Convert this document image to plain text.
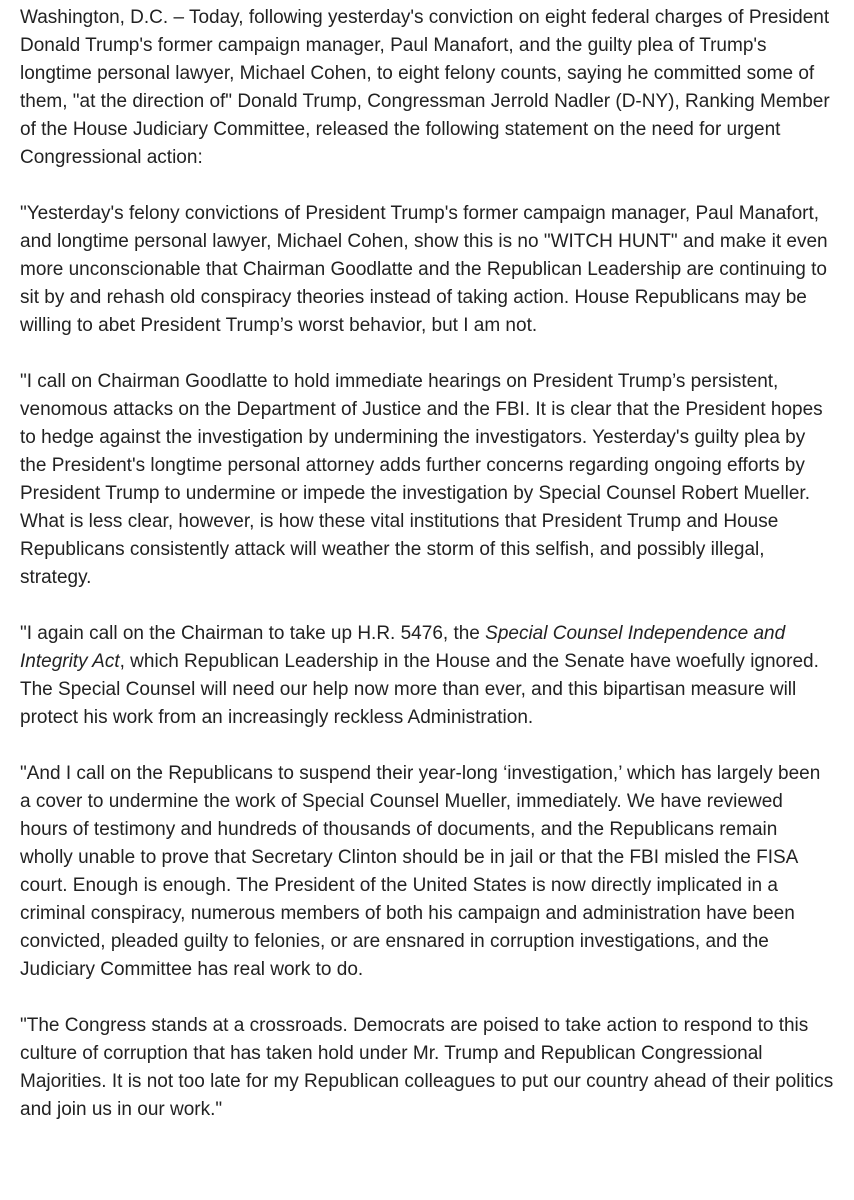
Washington, D.C. – Today, following yesterday's conviction on eight federal charges of President Donald Trump's former campaign manager, Paul Manafort, and the guilty plea of Trump's longtime personal lawyer, Michael Cohen, to eight felony counts, saying he committed some of them, "at the direction of" Donald Trump, Congressman Jerrold Nadler (D-NY), Ranking Member of the House Judiciary Committee, released the following statement on the need for urgent Congressional action:

"Yesterday's felony convictions of President Trump's former campaign manager, Paul Manafort, and longtime personal lawyer, Michael Cohen, show this is no "WITCH HUNT" and make it even more unconscionable that Chairman Goodlatte and the Republican Leadership are continuing to sit by and rehash old conspiracy theories instead of taking action. House Republicans may be willing to abet President Trump’s worst behavior, but I am not.

"I call on Chairman Goodlatte to hold immediate hearings on President Trump’s persistent, venomous attacks on the Department of Justice and the FBI. It is clear that the President hopes to hedge against the investigation by undermining the investigators. Yesterday's guilty plea by the President's longtime personal attorney adds further concerns regarding ongoing efforts by President Trump to undermine or impede the investigation by Special Counsel Robert Mueller. What is less clear, however, is how these vital institutions that President Trump and House Republicans consistently attack will weather the storm of this selfish, and possibly illegal, strategy.

"I again call on the Chairman to take up H.R. 5476, the Special Counsel Independence and Integrity Act, which Republican Leadership in the House and the Senate have woefully ignored. The Special Counsel will need our help now more than ever, and this bipartisan measure will protect his work from an increasingly reckless Administration.

"And I call on the Republicans to suspend their year-long ‘investigation,’ which has largely been a cover to undermine the work of Special Counsel Mueller, immediately. We have reviewed hours of testimony and hundreds of thousands of documents, and the Republicans remain wholly unable to prove that Secretary Clinton should be in jail or that the FBI misled the FISA court. Enough is enough. The President of the United States is now directly implicated in a criminal conspiracy, numerous members of both his campaign and administration have been convicted, pleaded guilty to felonies, or are ensnared in corruption investigations, and the Judiciary Committee has real work to do.

"The Congress stands at a crossroads. Democrats are poised to take action to respond to this culture of corruption that has taken hold under Mr. Trump and Republican Congressional Majorities. It is not too late for my Republican colleagues to put our country ahead of their politics and join us in our work."
